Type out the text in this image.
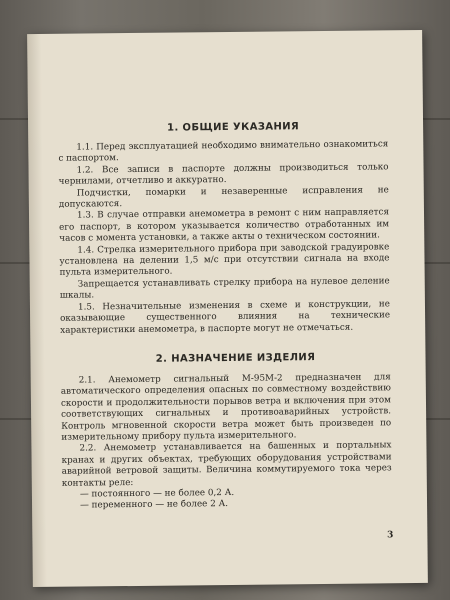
1. ОБЩИЕ УКАЗАНИЯ

1.1. Перед эксплуатацией необходимо внимательно ознакомиться с паспортом.

1.2. Все записи в паспорте должны производиться только чернилами, отчетливо и аккуратно.

Подчистки, помарки и незаверенные исправления не допускаются.

1.3. В случае отправки анемометра в ремонт с ним направляется его паспорт, в котором указывается количество отработанных им часов с момента установки, а также акты о техническом состоянии.

1.4. Стрелка измерительного прибора при заводской градуировке установлена на делении 1,5 м/с при отсутствии сигнала на входе пульта измерительного.

Запрещается устанавливать стрелку прибора на нулевое деление шкалы.

1.5. Незначительные изменения в схеме и конструкции, не оказывающие существенного влияния на технические характеристики анемометра, в паспорте могут не отмечаться.

2. НАЗНАЧЕНИЕ ИЗДЕЛИЯ

2.1. Анемометр сигнальный М-95М-2 предназначен для автоматического определения опасных по совместному воздействию скорости и продолжительности порывов ветра и включения при этом соответствующих сигнальных и противоаварийных устройств. Контроль мгновенной скорости ветра может быть произведен по измерительному прибору пульта измерительного.

2.2. Анемометр устанавливается на башенных и портальных кранах и других объектах, требующих оборудования устройствами аварийной ветровой защиты. Величина коммутируемого тока через контакты реле:

— постоянного — не более 0,2 А.
— переменного — не более 2 А.
3
